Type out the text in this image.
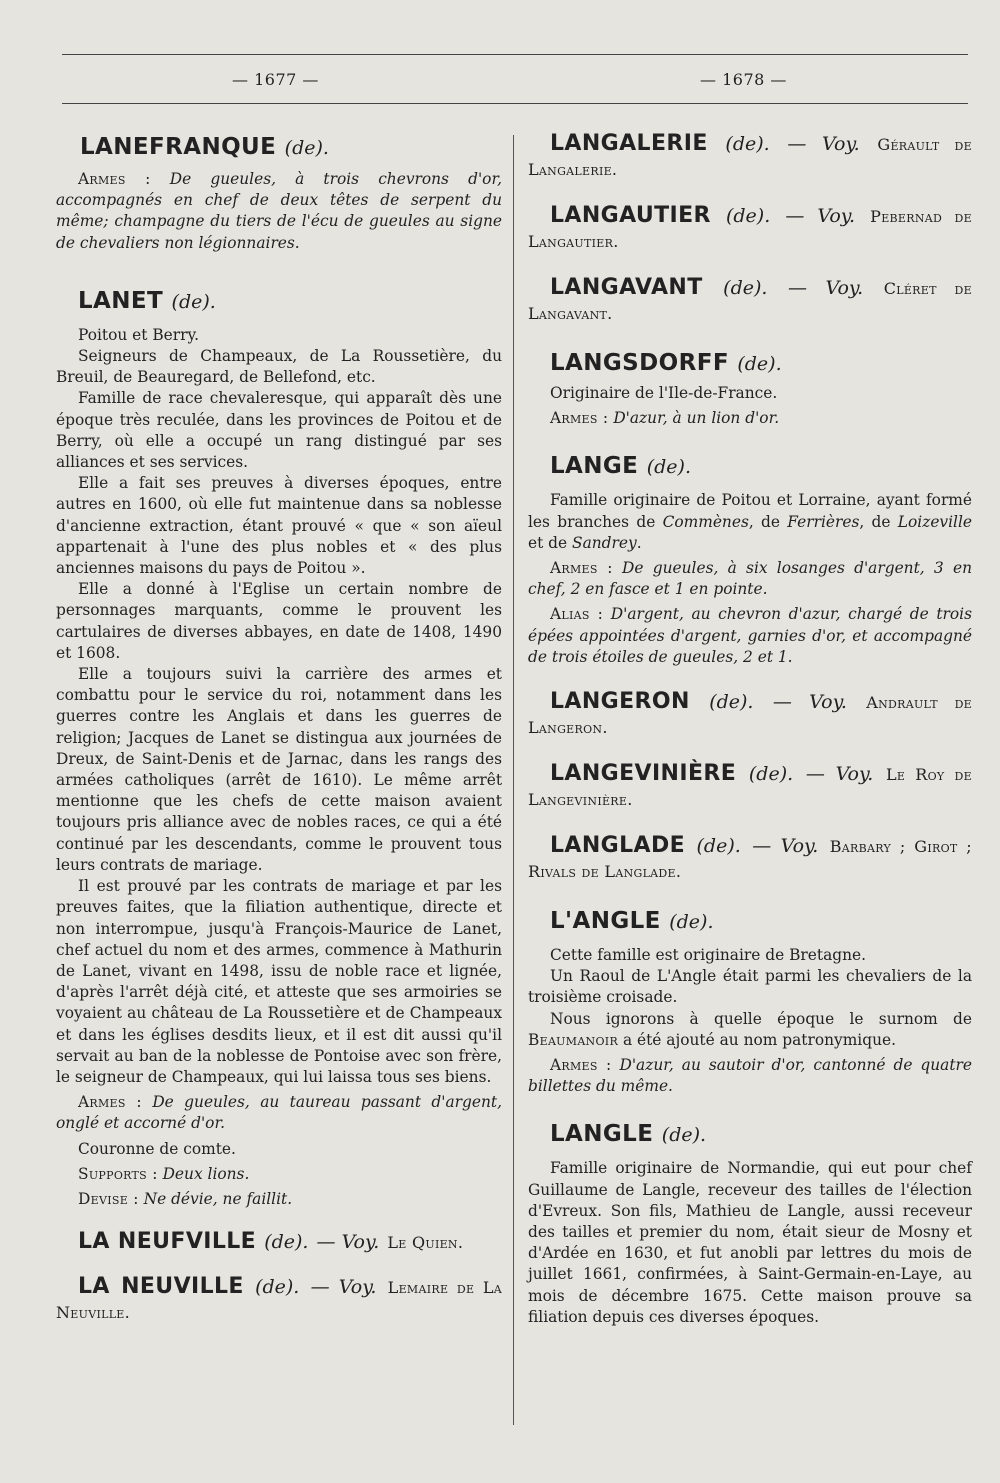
— 1677 —	— 1678 —
LANEFRANQUE (de).

Armes : De gueules, à trois chevrons d'or, accompagnés en chef de deux têtes de serpent du même; champagne du tiers de l'écu de gueules au signe de chevaliers non légionnaires.

LANET (de).

Poitou et Berry.

Seigneurs de Champeaux, de La Roussetière, du Breuil, de Beauregard, de Bellefond, etc.

Famille de race chevaleresque, qui apparaît dès une époque très reculée, dans les provinces de Poitou et de Berry, où elle a occupé un rang distingué par ses alliances et ses services.

Elle a fait ses preuves à diverses époques, entre autres en 1600, où elle fut maintenue dans sa noblesse d'ancienne extraction, étant prouvé « que « son aïeul appartenait à l'une des plus nobles et « des plus anciennes maisons du pays de Poitou ».

Elle a donné à l'Eglise un certain nombre de personnages marquants, comme le prouvent les cartulaires de diverses abbayes, en date de 1408, 1490 et 1608.

Elle a toujours suivi la carrière des armes et combattu pour le service du roi, notamment dans les guerres contre les Anglais et dans les guerres de religion; Jacques de Lanet se distingua aux journées de Dreux, de Saint-Denis et de Jarnac, dans les rangs des armées catholiques (arrêt de 1610). Le même arrêt mentionne que les chefs de cette maison avaient toujours pris alliance avec de nobles races, ce qui a été continué par les descendants, comme le prouvent tous leurs contrats de mariage.

Il est prouvé par les contrats de mariage et par les preuves faites, que la filiation authentique, directe et non interrompue, jusqu'à François-Maurice de Lanet, chef actuel du nom et des armes, commence à Mathurin de Lanet, vivant en 1498, issu de noble race et lignée, d'après l'arrêt déjà cité, et atteste que ses armoiries se voyaient au château de La Roussetière et de Champeaux et dans les églises desdits lieux, et il est dit aussi qu'il servait au ban de la noblesse de Pontoise avec son frère, le seigneur de Champeaux, qui lui laissa tous ses biens.

Armes : De gueules, au taureau passant d'argent, onglé et accorné d'or.

Couronne de comte.

Supports : Deux lions.

Devise : Ne dévie, ne faillit.

LA NEUFVILLE (de). — Voy. Le Quien.

LA NEUVILLE (de). — Voy. Lemaire de La Neuville.

LANGALERIE (de). — Voy. Gérault de Langalerie.

LANGAUTIER (de). — Voy. Pebernad de Langautier.

LANGAVANT (de). — Voy. Cléret de Langavant.

LANGSDORFF (de).

Originaire de l'Ile-de-France.

Armes : D'azur, à un lion d'or.

LANGE (de).

Famille originaire de Poitou et Lorraine, ayant formé les branches de Commènes, de Ferrières, de Loizeville et de Sandrey.

Armes : De gueules, à six losanges d'argent, 3 en chef, 2 en fasce et 1 en pointe.

Alias : D'argent, au chevron d'azur, chargé de trois épées appointées d'argent, garnies d'or, et accompagné de trois étoiles de gueules, 2 et 1.

LANGERON (de). — Voy. Andrault de Langeron.

LANGEVINIÈRE (de). — Voy. Le Roy de Langevinière.

LANGLADE (de). — Voy. Barbary ; Girot ; Rivals de Langlade.

L'ANGLE (de).

Cette famille est originaire de Bretagne.

Un Raoul de L'Angle était parmi les chevaliers de la troisième croisade.

Nous ignorons à quelle époque le surnom de Beaumanoir a été ajouté au nom patronymique.

Armes : D'azur, au sautoir d'or, cantonné de quatre billettes du même.

LANGLE (de).

Famille originaire de Normandie, qui eut pour chef Guillaume de Langle, receveur des tailles de l'élection d'Evreux. Son fils, Mathieu de Langle, aussi receveur des tailles et premier du nom, était sieur de Mosny et d'Ardée en 1630, et fut anobli par lettres du mois de juillet 1661, confirmées, à Saint-Germain-en-Laye, au mois de décembre 1675. Cette maison prouve sa filiation depuis ces diverses époques.
